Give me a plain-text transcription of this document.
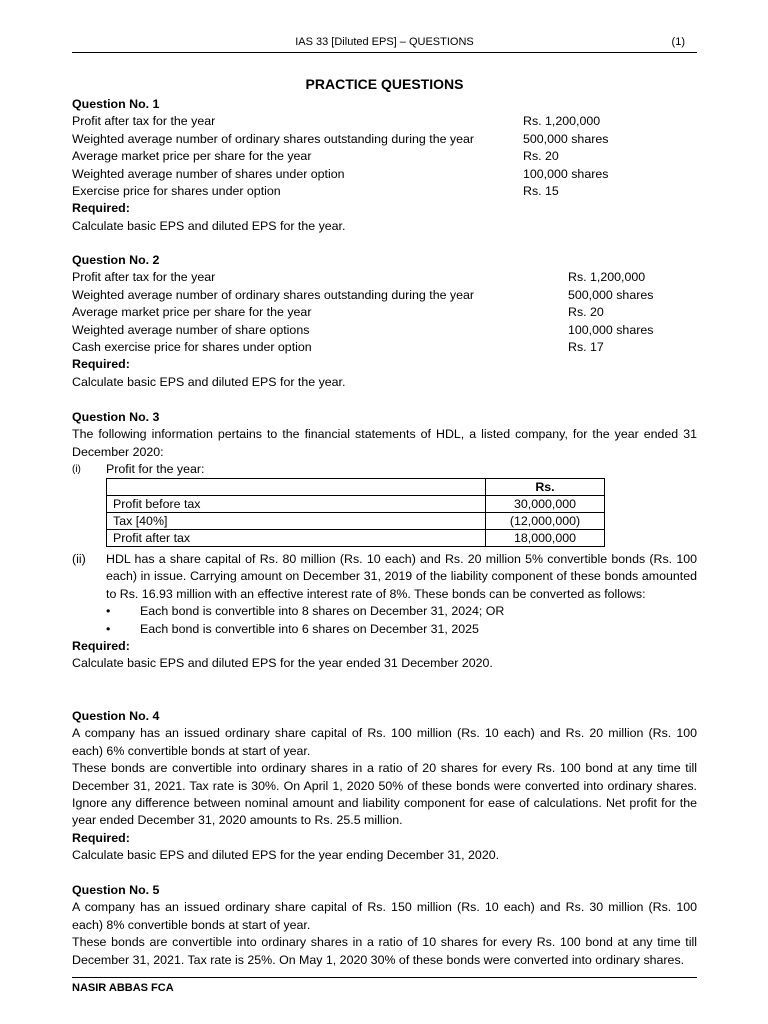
IAS 33 [Diluted EPS] – QUESTIONS	(1)
PRACTICE QUESTIONS
Question No. 1
Profit after tax for the year	Rs. 1,200,000
Weighted average number of ordinary shares outstanding during the year	500,000 shares
Average market price per share for the year	Rs. 20
Weighted average number of shares under option	100,000 shares
Exercise price for shares under option	Rs. 15
Required:
Calculate basic EPS and diluted EPS for the year.
Question No. 2
Profit after tax for the year	Rs. 1,200,000
Weighted average number of ordinary shares outstanding during the year	500,000 shares
Average market price per share for the year	Rs. 20
Weighted average number of share options	100,000 shares
Cash exercise price for shares under option	Rs. 17
Required:
Calculate basic EPS and diluted EPS for the year.
Question No. 3
The following information pertains to the financial statements of HDL, a listed company, for the year ended 31 December 2020:
(i) Profit for the year:
	Rs.
Profit before tax	30,000,000
Tax [40%]	(12,000,000)
Profit after tax	18,000,000
(ii) HDL has a share capital of Rs. 80 million (Rs. 10 each) and Rs. 20 million 5% convertible bonds (Rs. 100 each) in issue. Carrying amount on December 31, 2019 of the liability component of these bonds amounted to Rs. 16.93 million with an effective interest rate of 8%. These bonds can be converted as follows:
• Each bond is convertible into 8 shares on December 31, 2024; OR
• Each bond is convertible into 6 shares on December 31, 2025
Required:
Calculate basic EPS and diluted EPS for the year ended 31 December 2020.
Question No. 4
A company has an issued ordinary share capital of Rs. 100 million (Rs. 10 each) and Rs. 20 million (Rs. 100 each) 6% convertible bonds at start of year.
These bonds are convertible into ordinary shares in a ratio of 20 shares for every Rs. 100 bond at any time till December 31, 2021. Tax rate is 30%. On April 1, 2020 50% of these bonds were converted into ordinary shares. Ignore any difference between nominal amount and liability component for ease of calculations. Net profit for the year ended December 31, 2020 amounts to Rs. 25.5 million.
Required:
Calculate basic EPS and diluted EPS for the year ending December 31, 2020.
Question No. 5
A company has an issued ordinary share capital of Rs. 150 million (Rs. 10 each) and Rs. 30 million (Rs. 100 each) 8% convertible bonds at start of year.
These bonds are convertible into ordinary shares in a ratio of 10 shares for every Rs. 100 bond at any time till December 31, 2021. Tax rate is 25%. On May 1, 2020 30% of these bonds were converted into ordinary shares.
NASIR ABBAS FCA
